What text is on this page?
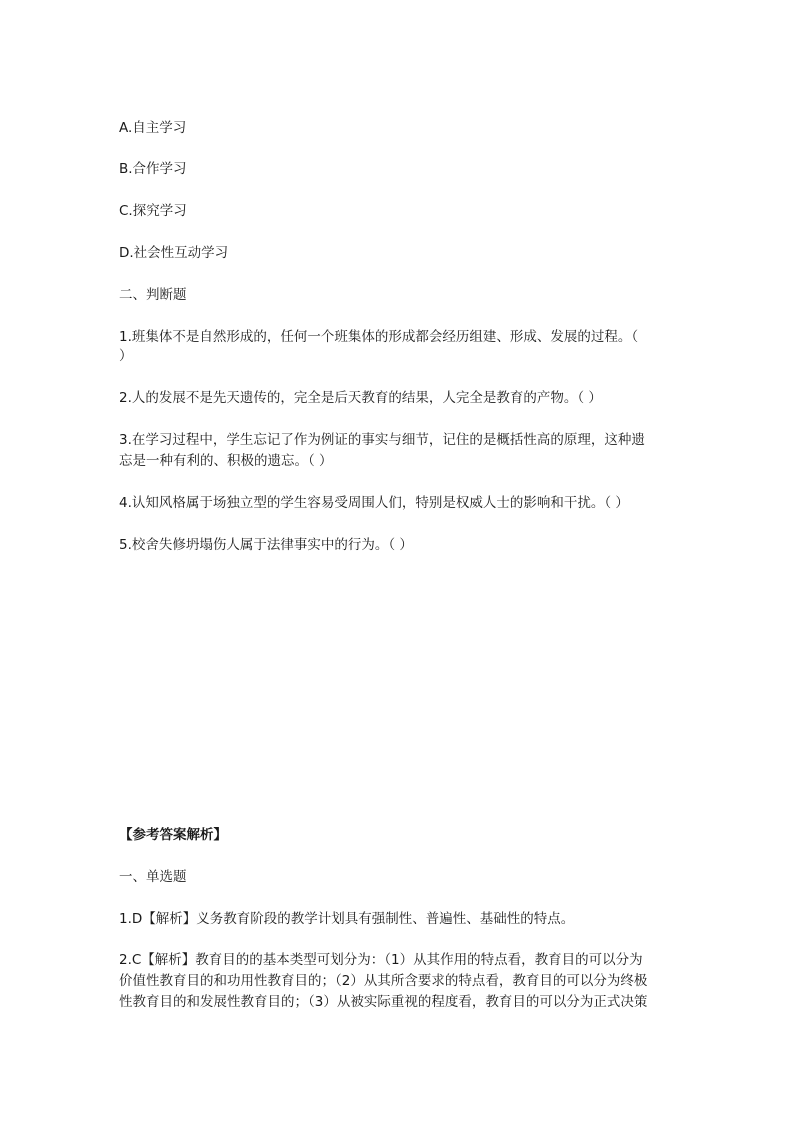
A.自主学习
B.合作学习
C.探究学习
D.社会性互动学习
二、判断题
1.班集体不是自然形成的，任何一个班集体的形成都会经历组建、形成、发展的过程。（
）
2.人的发展不是先天遗传的，完全是后天教育的结果，人完全是教育的产物。（ ）
3.在学习过程中，学生忘记了作为例证的事实与细节，记住的是概括性高的原理，这种遗
忘是一种有利的、积极的遗忘。（ ）
4.认知风格属于场独立型的学生容易受周围人们，特别是权威人士的影响和干扰。（ ）
5.校舍失修坍塌伤人属于法律事实中的行为。（ ）
【参考答案解析】
一、单选题
1.D【解析】义务教育阶段的教学计划具有强制性、普遍性、基础性的特点。
2.C【解析】教育目的的基本类型可划分为：（1）从其作用的特点看，教育目的可以分为
价值性教育目的和功用性教育目的；（2）从其所含要求的特点看，教育目的可以分为终极
性教育目的和发展性教育目的；（3）从被实际重视的程度看，教育目的可以分为正式决策
